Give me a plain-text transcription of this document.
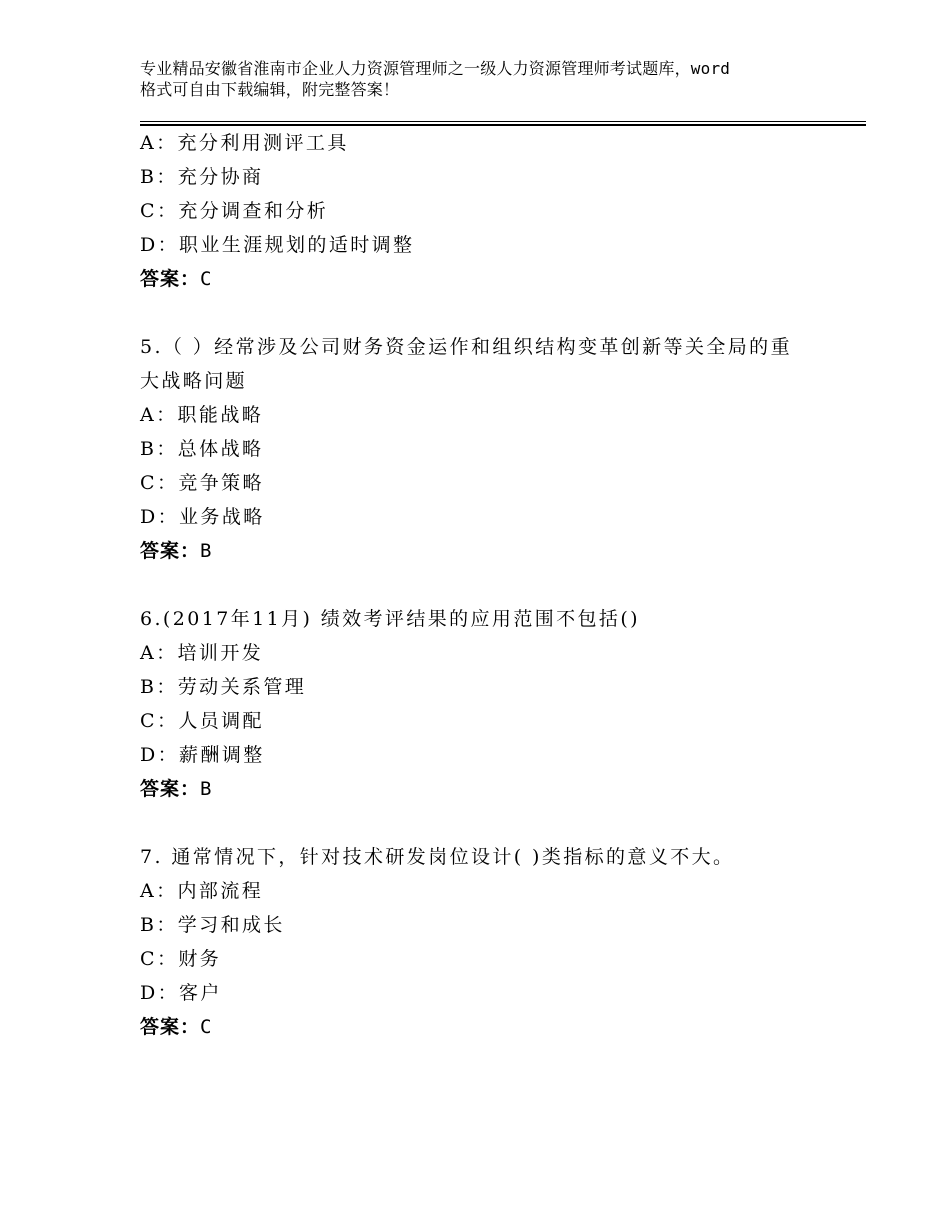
专业精品安徽省淮南市企业人力资源管理师之一级人力资源管理师考试题库，word
格式可自由下载编辑，附完整答案！
A：充分利用测评工具
B：充分协商
C：充分调查和分析
D：职业生涯规划的适时调整
答案：C
5.（ ）经常涉及公司财务资金运作和组织结构变革创新等关全局的重
大战略问题
A：职能战略
B：总体战略
C：竞争策略
D：业务战略
答案：B
6.(2017年11月) 绩效考评结果的应用范围不包括()
A：培训开发
B：劳动关系管理
C：人员调配
D：薪酬调整
答案：B
7. 通常情况下，针对技术研发岗位设计( )类指标的意义不大。
A：内部流程
B：学习和成长
C：财务
D：客户
答案：C
